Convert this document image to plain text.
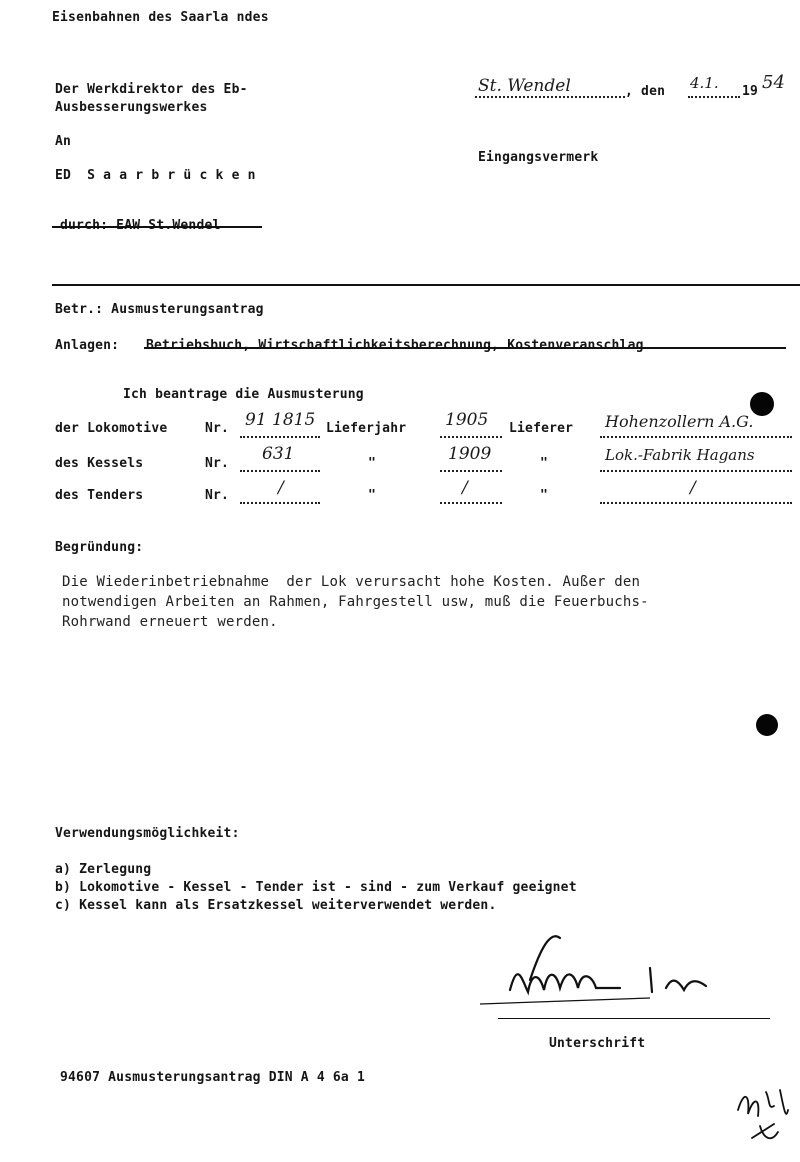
Eisenbahnen des Saarla ndes
Der Werkdirektor des Eb-
Ausbesserungswerkes
An
ED  S a a r b r ü c k e n
durch: EAW St.Wendel
St. Wendel	, den 4.1. 19 54
Eingangsvermerk
Betr.: Ausmusterungsantrag
Anlagen: Betriebsbuch, Wirtschaftlichkeitsberechnung, Kostenveranschlag
Ich beantrage die Ausmusterung
der Lokomotive	Nr. 91 1815 Lieferjahr 1905 Lieferer Hohenzollern A.G.
des Kessels	Nr. 631	"	1909	"	Lok.-Fabrik Hagans
des Tenders	Nr.	/	"	/	"	/
Begründung:
Die Wiederinbetriebnahme  der Lok verursacht hohe Kosten. Außer den
notwendigen Arbeiten an Rahmen, Fahrgestell usw, muß die Feuerbuchs-
Rohrwand erneuert werden.
Verwendungsmöglichkeit:
a) Zerlegung
b) Lokomotive - Kessel - Tender ist - sind - zum Verkauf geeignet
c) Kessel kann als Ersatzkessel weiterverwendet werden.
Unterschrift
94607 Ausmusterungsantrag DIN A 4 6a 1
